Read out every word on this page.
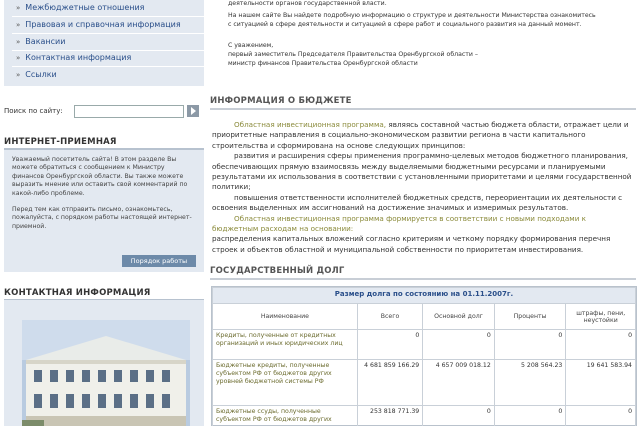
» Межбюджетные отношения
» Правовая и справочная информация
» Вакансии
» Контактная информация
» Ссылки
Поиск по сайту:
ИНТЕРНЕТ-ПРИЕМНАЯ

Уважаемый посетитель сайта! В этом разделе Вы можете обратиться с сообщением к Министру финансов Оренбургской области. Вы также можете выразить мнение или оставить свой комментарий по какой-либо проблеме.

Перед тем как отправить письмо, ознакомьтесь, пожалуйста, с порядком работы настоящей интернет-приемной.

Порядок работы
КОНТАКТНАЯ ИНФОРМАЦИЯ
деятельности органов государственной власти.
На нашем сайте Вы найдете подробную информацию о структуре и деятельности Министерства ознакомитесь
с ситуацией в сфере деятельности и ситуацией в сфере работ и социального развития на данный момент.
С уважением,
первый заместитель Председателя Правительства Оренбургской области –
министр финансов Правительства Оренбургской области
ИНФОРМАЦИЯ О БЮДЖЕТЕ

Областная инвестиционная программа, являясь составной частью бюджета области, отражает цели и приоритетные направления в социально-экономическом развитии региона в части капитального строительства и сформирована на основе следующих принципов:

развития и расширения сферы применения программно-целевых методов бюджетного планирования, обеспечивающих прямую взаимосвязь между выделяемыми бюджетными ресурсами и планируемыми результатами их использования в соответствии с установленными приоритетами и целями государственной политики;

повышения ответственности исполнителей бюджетных средств, переориентации их деятельности с освоения выделенных им ассигнований на достижение значимых и измеримых результатов.

Областная инвестиционная программа формируется в соответствии с новыми подходами к бюджетным расходам на основании:

распределения капитальных вложений согласно критериям и четкому порядку формирования перечня строек и объектов областной и муниципальной собственности по приоритетам инвестирования.

ГОСУДАРСТВЕННЫЙ ДОЛГ
Размер долга по состоянию на 01.11.2007г.				
Наименование	Всего	Основной долг	Проценты	штрафы, пени, неустойки
Кредиты, полученные от кредитных организаций и иных юридических лиц	0	0	0	0
Бюджетные кредиты, полученные субъектом РФ от бюджетов других уровней бюджетной системы РФ	4 681 859 166.29	4 657 009 018.12	5 208 564.23	19 641 583.94
Бюджетные ссуды, полученные субъектом РФ от бюджетов других	253 818 771.39	0	0	0
